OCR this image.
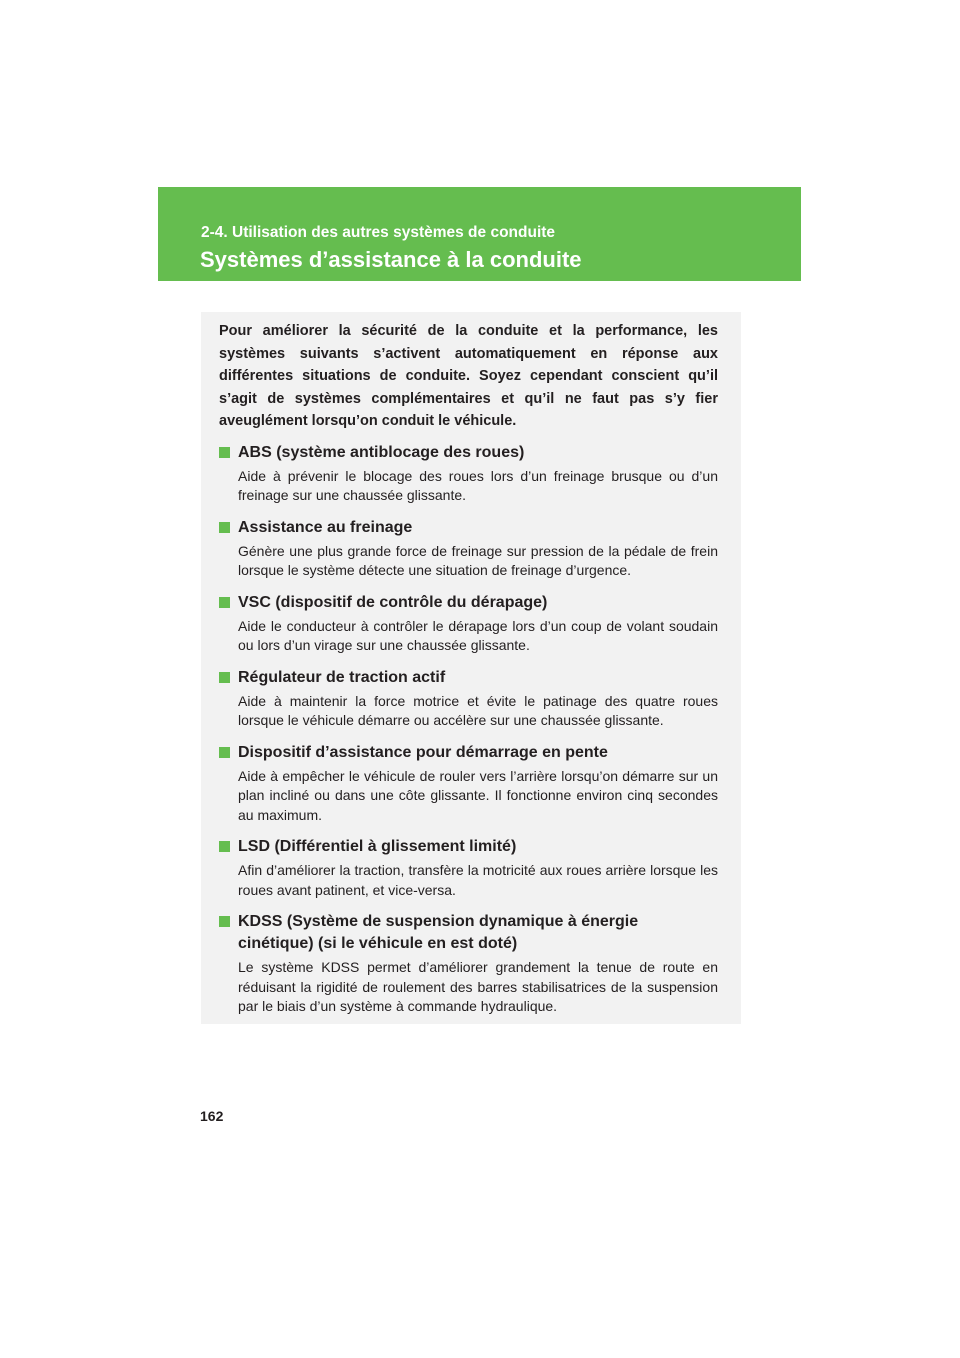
2-4. Utilisation des autres systèmes de conduite
Systèmes d’assistance à la conduite

Pour améliorer la sécurité de la conduite et la performance, les systèmes suivants s’activent automatiquement en réponse aux différentes situations de conduite. Soyez cependant conscient qu’il s’agit de systèmes complémentaires et qu’il ne faut pas s’y fier aveuglément lorsqu’on conduit le véhicule.

ABS (système antiblocage des roues)
Aide à prévenir le blocage des roues lors d’un freinage brusque ou d’un freinage sur une chaussée glissante.
Assistance au freinage
Génère une plus grande force de freinage sur pression de la pédale de frein lorsque le système détecte une situation de freinage d’urgence.
VSC (dispositif de contrôle du dérapage)
Aide le conducteur à contrôler le dérapage lors d’un coup de volant soudain ou lors d’un virage sur une chaussée glissante.
Régulateur de traction actif
Aide à maintenir la force motrice et évite le patinage des quatre roues lorsque le véhicule démarre ou accélère sur une chaussée glissante.
Dispositif d’assistance pour démarrage en pente
Aide à empêcher le véhicule de rouler vers l’arrière lorsqu’on démarre sur un plan incliné ou dans une côte glissante. Il fonctionne environ cinq secondes au maximum.
LSD (Différentiel à glissement limité)
Afin d’améliorer la traction, transfère la motricité aux roues arrière lorsque les roues avant patinent, et vice-versa.
KDSS (Système de suspension dynamique à énergie cinétique) (si le véhicule en est doté)
Le système KDSS permet d’améliorer grandement la tenue de route en réduisant la rigidité de roulement des barres stabilisatrices de la suspension par le biais d’un système à commande hydraulique.
162
